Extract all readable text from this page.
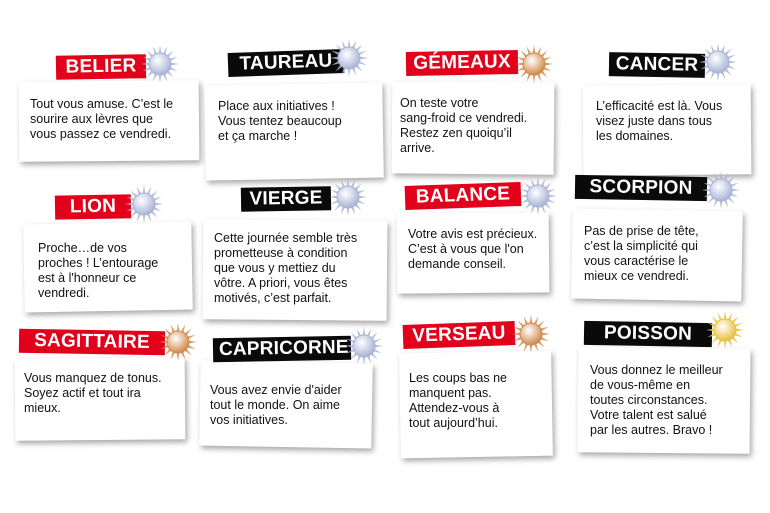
Tout vous amuse. C’est le
sourire aux lèvres que
vous passez ce vendredi.
Place aux initiatives !
Vous tentez beaucoup
et ça marche !
On teste votre
sang-froid ce vendredi.
Restez zen quoiqu’il
arrive.
L’efficacité est là. Vous
visez juste dans tous
les domaines.
Proche…de vos
proches ! L’entourage
est à l'honneur ce
vendredi.
Cette journée semble très
prometteuse à condition
que vous y mettiez du
vôtre. A priori, vous êtes
motivés, c’est parfait.
Votre avis est précieux.
C’est à vous que l'on
demande conseil.
Pas de prise de tête,
c’est la simplicité qui
vous caractérise le
mieux ce vendredi.
Vous manquez de tonus.
Soyez actif et tout ira
mieux.
Vous avez envie d'aider
tout le monde. On aime
vos initiatives.
Les coups bas ne
manquent pas.
Attendez-vous à
tout aujourd’hui.
Vous donnez le meilleur
de vous-même en
toutes circonstances.
Votre talent est salué
par les autres. Bravo !
BELIER	TAUREAU	GÉMEAUX	CANCER
LION	VIERGE	BALANCE	SCORPION
SAGITTAIRE	CAPRICORNE
VERSEAU	POISSON
